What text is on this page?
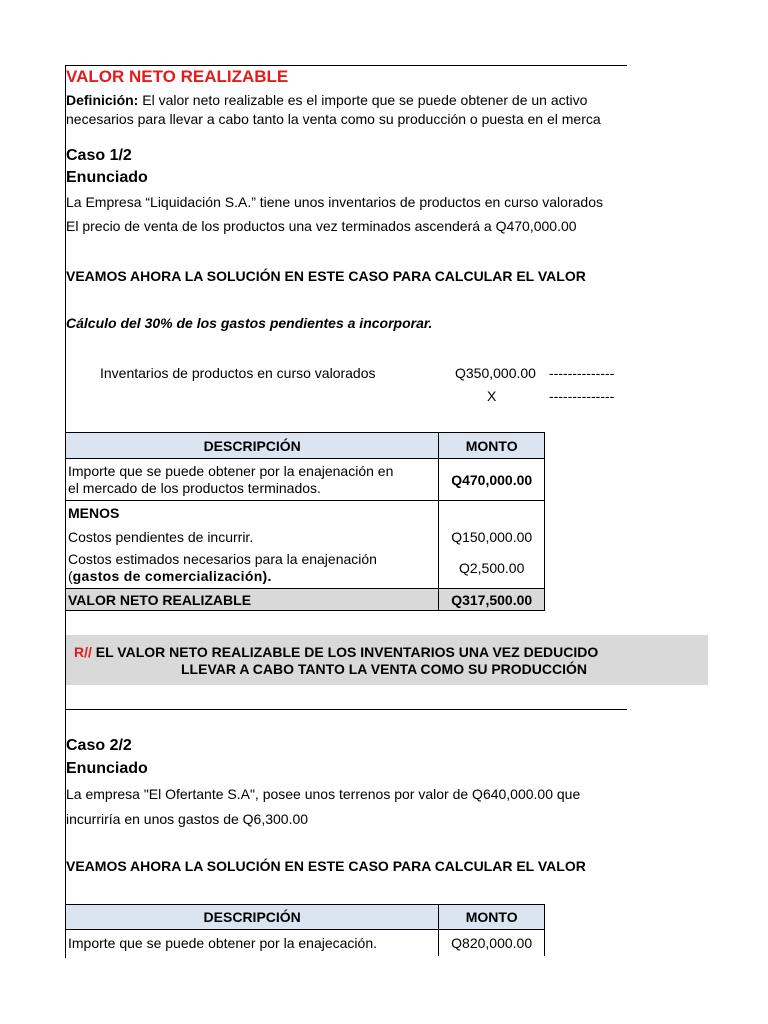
VALOR NETO REALIZABLE
Definición: El valor neto realizable es el importe que se puede obtener de un activo
necesarios para llevar a cabo tanto la venta como su producción o puesta en el merca
Caso 1/2
Enunciado
La Empresa “Liquidación S.A.” tiene unos inventarios de productos en curso valorados
El precio de venta de los productos una vez terminados ascenderá a Q470,000.00
VEAMOS AHORA LA SOLUCIÓN EN ESTE CASO PARA CALCULAR EL VALOR
Cálculo del 30% de los gastos pendientes a incorporar.
Inventarios de productos en curso valorados	Q350,000.00 --------------
X	--------------
DESCRIPCIÓN	MONTO

Importe que se puede obtener por la enajenación en
el mercado de los productos terminados.	Q470,000.00
MENOS	
Costos pendientes de incurrir.	Q150,000.00

Costos estimados necesarios para la enajenación
(gastos de comercialización).	Q2,500.00
VALOR NETO REALIZABLE	Q317,500.00
Caso 2/2
Enunciado
La empresa "El Ofertante S.A", posee unos terrenos por valor de Q640,000.00 que
incurriría en unos gastos de Q6,300.00
VEAMOS AHORA LA SOLUCIÓN EN ESTE CASO PARA CALCULAR EL VALOR
DESCRIPCIÓN	MONTO
Importe que se puede obtener por la enajecación.	Q820,000.00
R// EL VALOR NETO REALIZABLE DE LOS INVENTARIOS UNA VEZ DEDUCIDO
LLEVAR A CABO TANTO LA VENTA COMO SU PRODUCCIÓN
